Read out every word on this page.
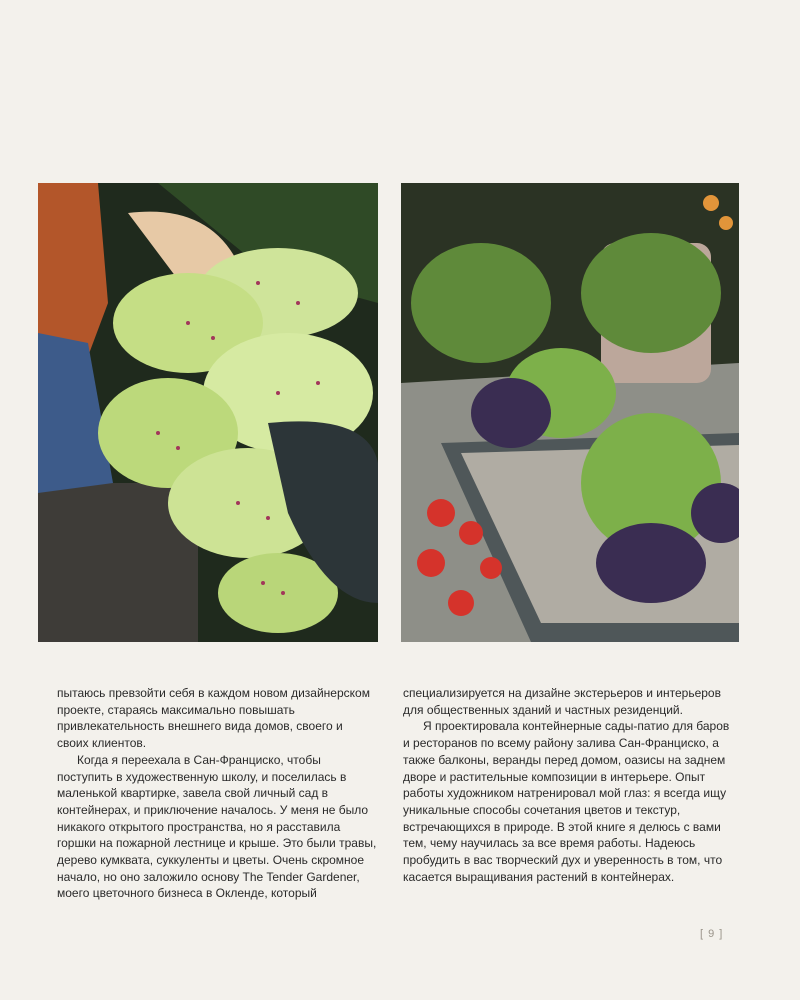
пытаюсь превзойти себя в каждом новом дизайнерском проекте, стараясь максимально повышать привлекательность внешнего вида домов, своего и своих клиентов.

Когда я переехала в Сан-Франциско, чтобы поступить в художественную школу, и поселилась в маленькой квартирке, завела свой личный сад в контейнерах, и приключение началось. У меня не было никакого открытого пространства, но я расставила горшки на пожарной лестнице и крыше. Это были травы, дерево кумквата, суккуленты и цветы. Очень скромное начало, но оно заложило основу The Tender Gardener, моего цветочного бизнеса в Окленде, который

специализируется на дизайне экстерьеров и интерьеров для общественных зданий и частных резиденций.

Я проектировала контейнерные сады-патио для баров и ресторанов по всему району залива Сан-Франциско, а также балконы, веранды перед домом, оазисы на заднем дворе и растительные композиции в интерьере. Опыт работы художником натренировал мой глаз: я всегда ищу уникальные способы сочетания цветов и текстур, встречающихся в природе. В этой книге я делюсь с вами тем, чему научилась за все время работы. Надеюсь пробудить в вас творческий дух и уверенность в том, что касается выращивания растений в контейнерах.

[ 9 ]
